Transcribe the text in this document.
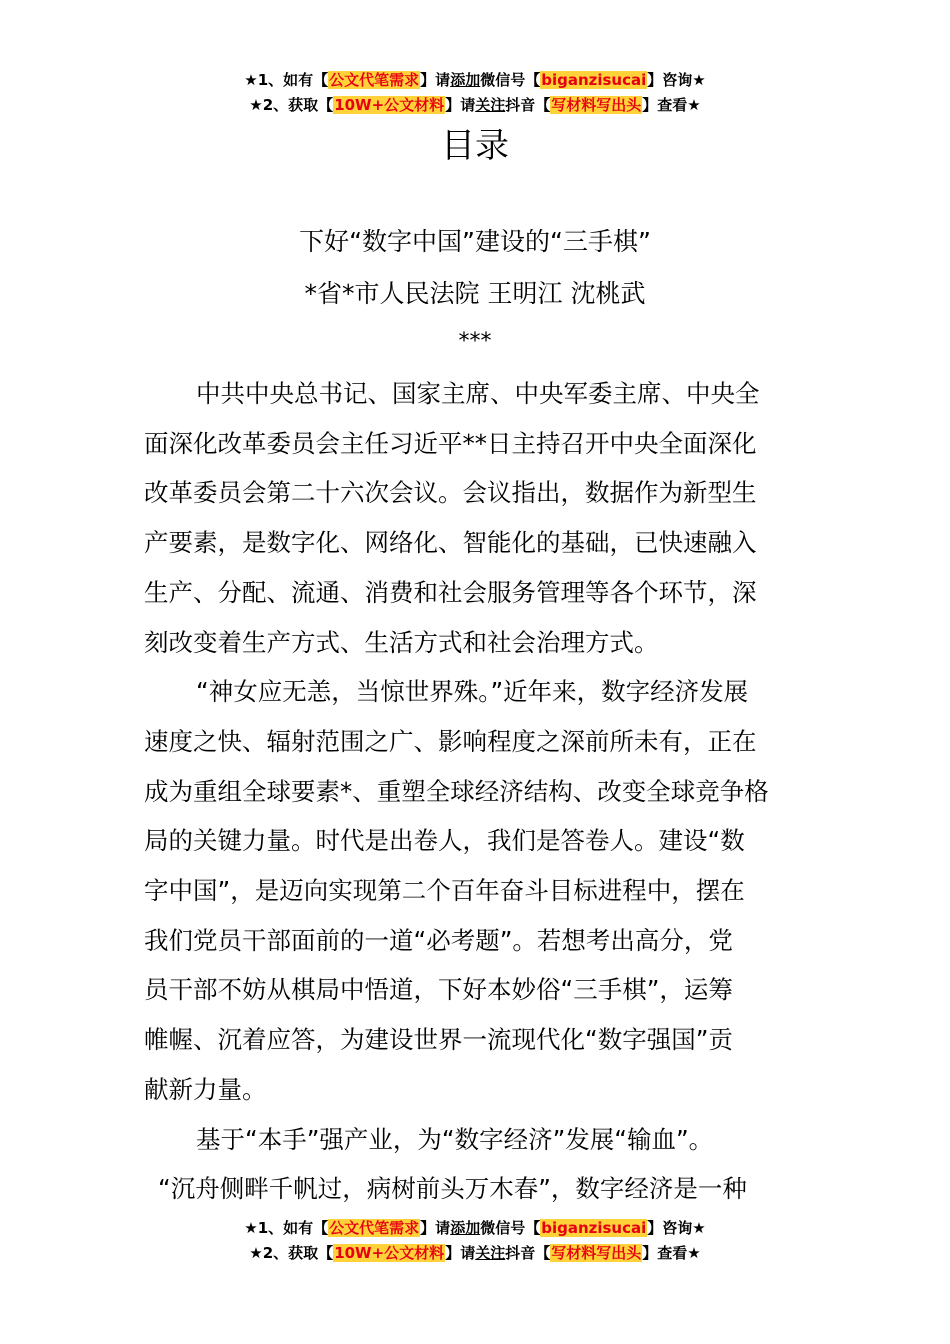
★1、如有【公文代笔需求】请添加微信号【biganzisucai】咨询★
★2、获取【10W+公文材料】请关注抖音【写材料写出头】查看★
目录
下好“数字中国”建设的“三手棋”
*省*市人民法院 王明江 沈桃武
***
中共中央总书记、国家主席、中央军委主席、中央全
面深化改革委员会主任习近平**日主持召开中央全面深化
改革委员会第二十六次会议。会议指出，数据作为新型生
产要素，是数字化、网络化、智能化的基础，已快速融入
生产、分配、流通、消费和社会服务管理等各个环节，深
刻改变着生产方式、生活方式和社会治理方式。
“神女应无恙，当惊世界殊。”近年来，数字经济发展
速度之快、辐射范围之广、影响程度之深前所未有，正在
成为重组全球要素*、重塑全球经济结构、改变全球竞争格
局的关键力量。时代是出卷人，我们是答卷人。建设“数
字中国”，是迈向实现第二个百年奋斗目标进程中，摆在
我们党员干部面前的一道“必考题”。若想考出高分，党
员干部不妨从棋局中悟道，下好本妙俗“三手棋”，运筹
帷幄、沉着应答，为建设世界一流现代化“数字强国”贡
献新力量。
基于“本手”强产业，为“数字经济”发展“输血”。
“沉舟侧畔千帆过，病树前头万木春”，数字经济是一种
★1、如有【公文代笔需求】请添加微信号【biganzisucai】咨询★
★2、获取【10W+公文材料】请关注抖音【写材料写出头】查看★
